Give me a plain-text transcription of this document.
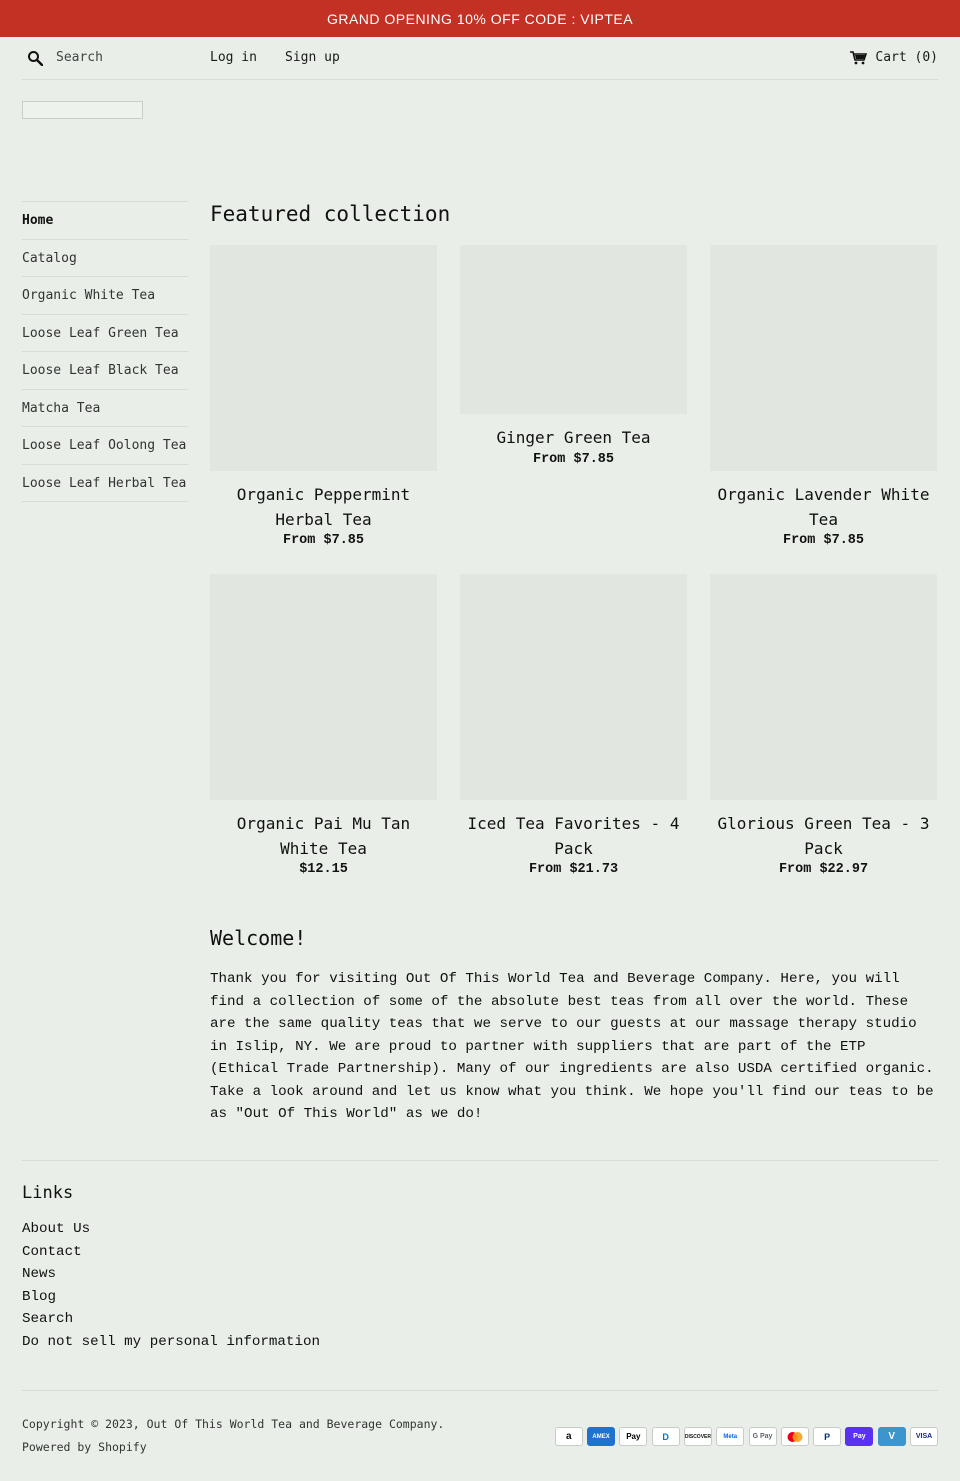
GRAND OPENING 10% OFF CODE : VIPTEA
Search
Log in Sign up	Cart (0)
Home
Catalog
Organic White Tea
Loose Leaf Green Tea
Loose Leaf Black Tea
Matcha Tea
Loose Leaf Oolong Tea
Loose Leaf Herbal Tea
Featured collection
Organic Peppermint Herbal Tea
From $7.85
Ginger Green Tea
From $7.85
Organic Lavender White Tea
From $7.85
Organic Pai Mu Tan White Tea
$12.15
Iced Tea Favorites - 4 Pack
From $21.73
Glorious Green Tea - 3 Pack
From $22.97
Welcome!

Thank you for visiting Out Of This World Tea and Beverage Company. Here, you will find a collection of some of the absolute best teas from all over the world. These are the same quality teas that we serve to our guests at our massage therapy studio in Islip, NY. We are proud to partner with suppliers that are part of the ETP (Ethical Trade Partnership). Many of our ingredients are also USDA certified organic. Take a look around and let us know what you think. We hope you'll find our teas to be as "Out Of This World" as we do!

Links
About Us
Contact
News
Blog
Search
Do not sell my personal information
Copyright © 2023, Out Of This World Tea and Beverage Company.
Powered by Shopify
a	AMEX	Pay	D	DISCOVER	Meta	G Pay	P	Pay	V	VISA
